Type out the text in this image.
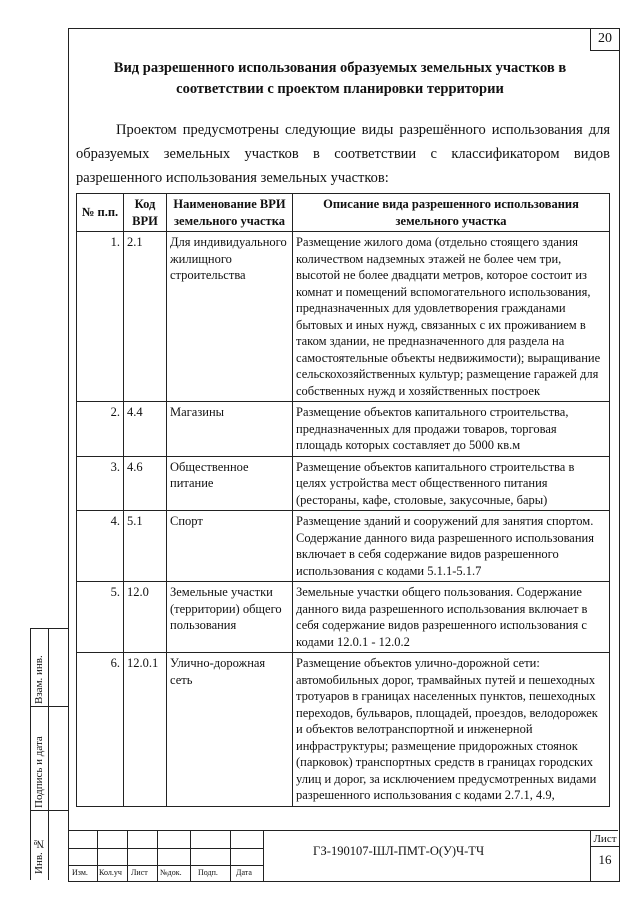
20
Вид разрешенного использования образуемых земельных участков в
соответствии с проектом планировки территории
Проектом предусмотрены следующие виды разрешённого использования для образуемых земельных участков в соответствии с классификатором видов разрешенного использования земельных участков:
№ п.п.	Код ВРИ	Наименование ВРИ земельного участка	Описание вида разрешенного использования земельного участка
1.	2.1	Для индивидуального жилищного строительства	Размещение жилого дома (отдельно стоящего здания количеством надземных этажей не более чем три, высотой не более двадцати метров, которое состоит из комнат и помещений вспомогательного использования, предназначенных для удовлетворения гражданами бытовых и иных нужд, связанных с их проживанием в таком здании, не предназначенного для раздела на самостоятельные объекты недвижимости); выращивание сельскохозяйственных культур; размещение гаражей для собственных нужд и хозяйственных построек
2.	4.4	Магазины	Размещение объектов капитального строительства, предназначенных для продажи товаров, торговая площадь которых составляет до 5000 кв.м
3.	4.6	Общественное питание	Размещение объектов капитального строительства в целях устройства мест общественного питания (рестораны, кафе, столовые, закусочные, бары)
4.	5.1	Спорт	Размещение зданий и сооружений для занятия спортом. Содержание данного вида разрешенного использования включает в себя содержание видов разрешенного использования с кодами 5.1.1-5.1.7
5.	12.0	Земельные участки (территории) общего пользования	Земельные участки общего пользования. Содержание данного вида разрешенного использования включает в себя содержание видов разрешенного использования с кодами 12.0.1 - 12.0.2
6.	12.0.1	Улично-дорожная сеть	Размещение объектов улично-дорожной сети: автомобильных дорог, трамвайных путей и пешеходных тротуаров в границах населенных пунктов, пешеходных переходов, бульваров, площадей, проездов, велодорожек и объектов велотранспортной и инженерной инфраструктуры; размещение придорожных стоянок (парковок) транспортных средств в границах городских улиц и дорог, за исключением предусмотренных видами разрешенного использования с кодами 2.7.1, 4.9,
Взам. инв.
Подпись и дата
Инв. №	Изм. Кол.уч Лист №док. Подп. Дата
ГЗ-190107-ШЛ-ПМТ-О(У)Ч-ТЧ
Лист
16
